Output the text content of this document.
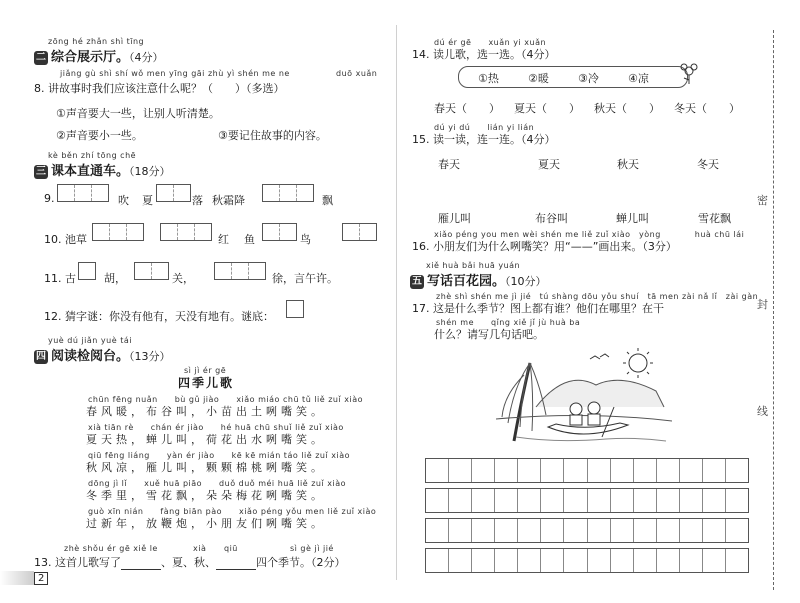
密
封
线
zōng hé zhǎn shì tīng
二 综合展示厅。（4分）
jiǎng gù shì shí wǒ men yīng gāi zhù yì shén me ne	duō xuǎn
8. 讲故事时我们应该注意什么呢？（　　）（多选）
①声音要大一些，让别人听清楚。
②声音要小一些。	③要记住故事的内容。
kè běn zhí tōng chē
三 课本直通车。（18分）
9.	吹 夏	落 秋霜降	飘
10. 池草	红 鱼	鸟
11. 古	胡，	关，	徐，言午许。
12. 猜字谜：你没有他有，天没有地有。谜底：
yuè dú jiǎn yuè tái
四 阅读检阅台。（13分）
sì jì ér gē
四季儿歌
chūn fēng nuǎn　　bù gǔ jiào　　xiǎo miáo chū tǔ liě zuǐ xiào
春风暖，布谷叫，小苗出土咧嘴笑。
xià tiān rè　　chán ér jiào　　hé huā chū shuǐ liě zuǐ xiào
夏天热，蝉儿叫，荷花出水咧嘴笑。
qiū fēng liáng　　yàn ér jiào　　kē kē mián táo liě zuǐ xiào
秋风凉，雁儿叫，颗颗棉桃咧嘴笑。
dōng jì lǐ　　xuě huā piāo　　duǒ duǒ méi huā liě zuǐ xiào
冬季里，雪花飘，朵朵梅花咧嘴笑。
guò xīn nián　　fàng biān pào　　xiǎo péng yǒu men liě zuǐ xiào
过新年，放鞭炮，小朋友们咧嘴笑。
zhè shǒu ér gē xiě le	xià qiū	sì gè jì jié
13. 这首儿歌写了	、夏、秋、	四个季节。（2分）
2
dú ér gē　　xuǎn yi xuǎn
14. 读儿歌，选一选。（4分）
①热	②暖	③冷	④凉
春天（　　） 夏天（　　） 秋天（　　） 冬天（　　）
dú yi dú　　lián yi lián
15. 读一读，连一连。（4分）
春天	夏天	秋天	冬天
雁儿叫	布谷叫	蝉儿叫	雪花飘
xiǎo péng you men wèi shén me liě zuǐ xiào　yòng　　　　huà chū lái
16. 小朋友们为什么咧嘴笑？用“——”画出来。（3分）
xiě huà bǎi huā yuán
五 写话百花园。（10分）
zhè shì shén me jì jié　tú shàng dōu yǒu shuí　tā men zài nǎ lǐ　zài gàn
17. 这是什么季节？图上都有谁？他们在哪里？在干
shén me　　qǐng xiě jǐ jù huà ba
什么？请写几句话吧。
